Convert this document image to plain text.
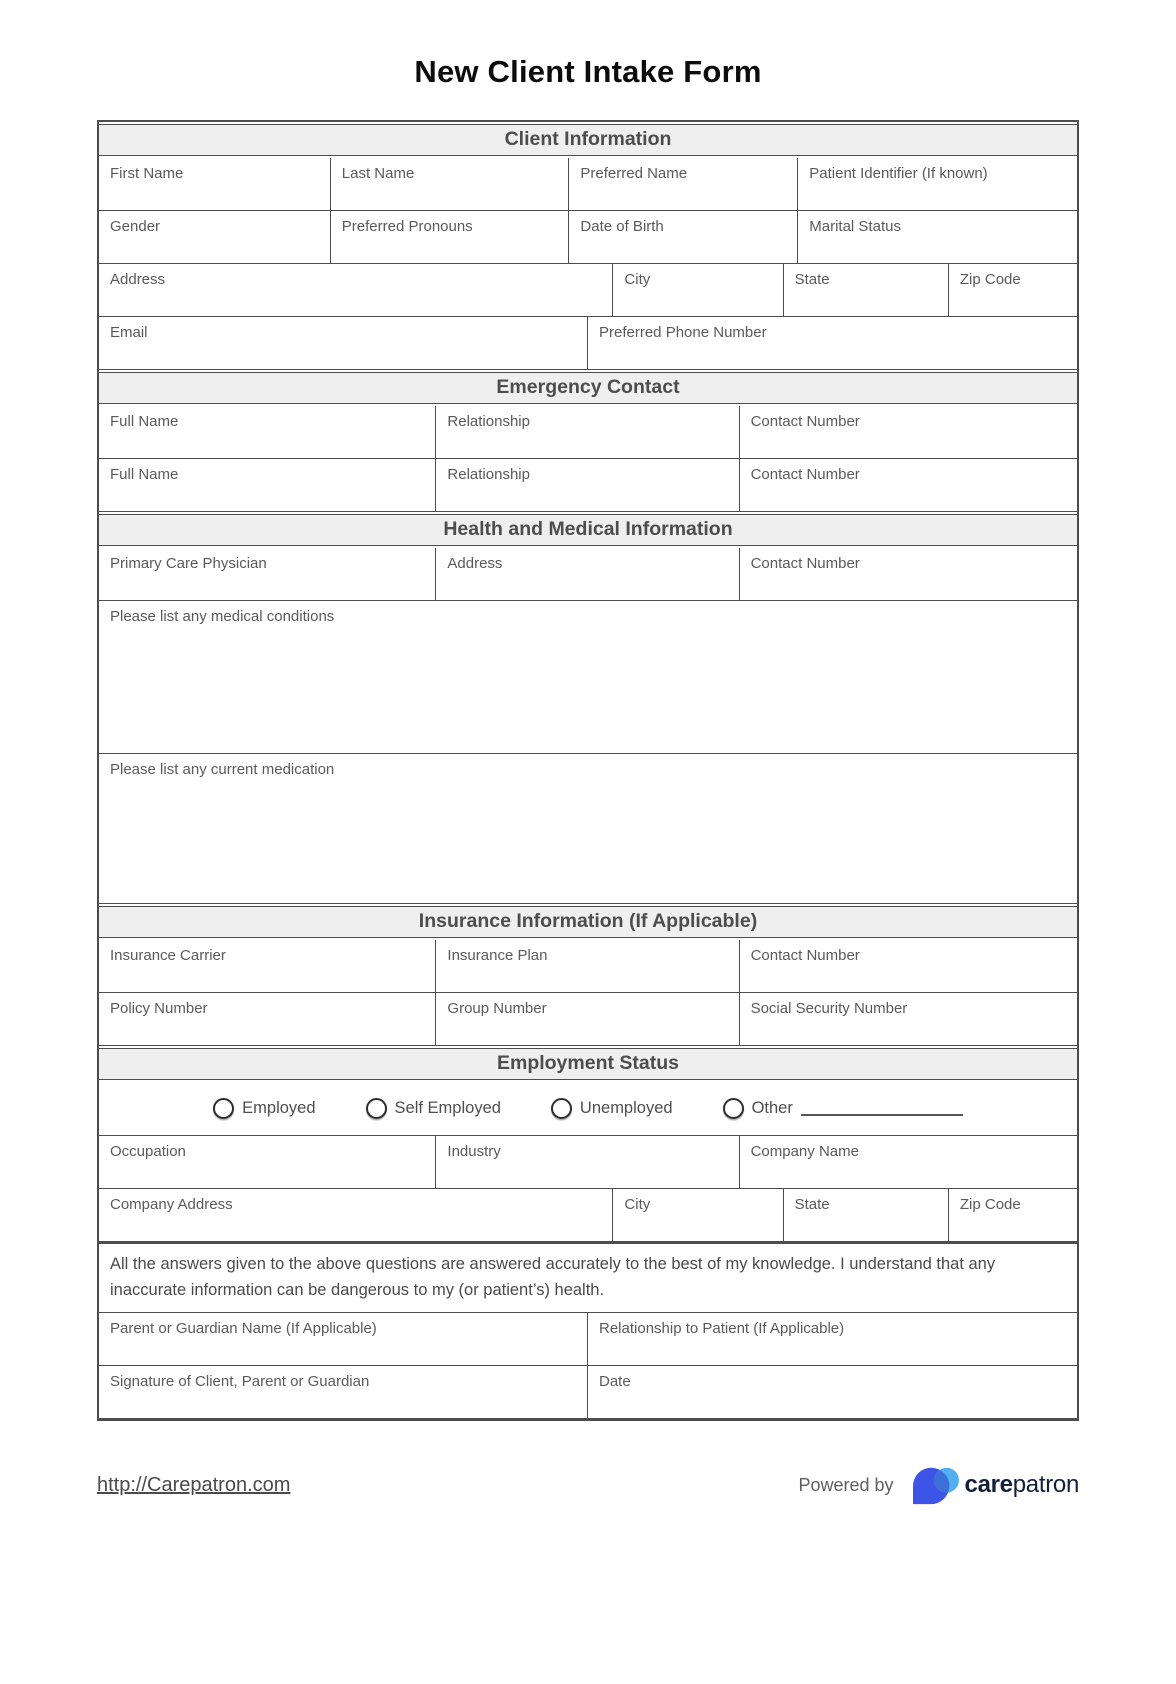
New Client Intake Form
Client Information
First Name	Last Name	Preferred Name	Patient Identifier (If known)
Gender	Preferred Pronouns	Date of Birth	Marital Status
Address	City	State	Zip Code
Email	Preferred Phone Number
Emergency Contact
Full Name	Relationship	Contact Number
Full Name	Relationship	Contact Number
Health and Medical Information
Primary Care Physician	Address	Contact Number
Please list any medical conditions
Please list any current medication
Insurance Information (If Applicable)
Insurance Carrier	Insurance Plan	Contact Number
Policy Number	Group Number	Social Security Number
Employment Status
Employed	Self Employed	Unemployed	Other
Occupation	Industry	Company Name
Company Address	City	State	Zip Code
All the answers given to the above questions are answered accurately to the best of my knowledge. I understand that any inaccurate information can be dangerous to my (or patient’s) health.
Parent or Guardian Name (If Applicable)	Relationship to Patient (If Applicable)
Signature of Client, Parent or Guardian	Date
http://Carepatron.com	Powered by	carepatron
